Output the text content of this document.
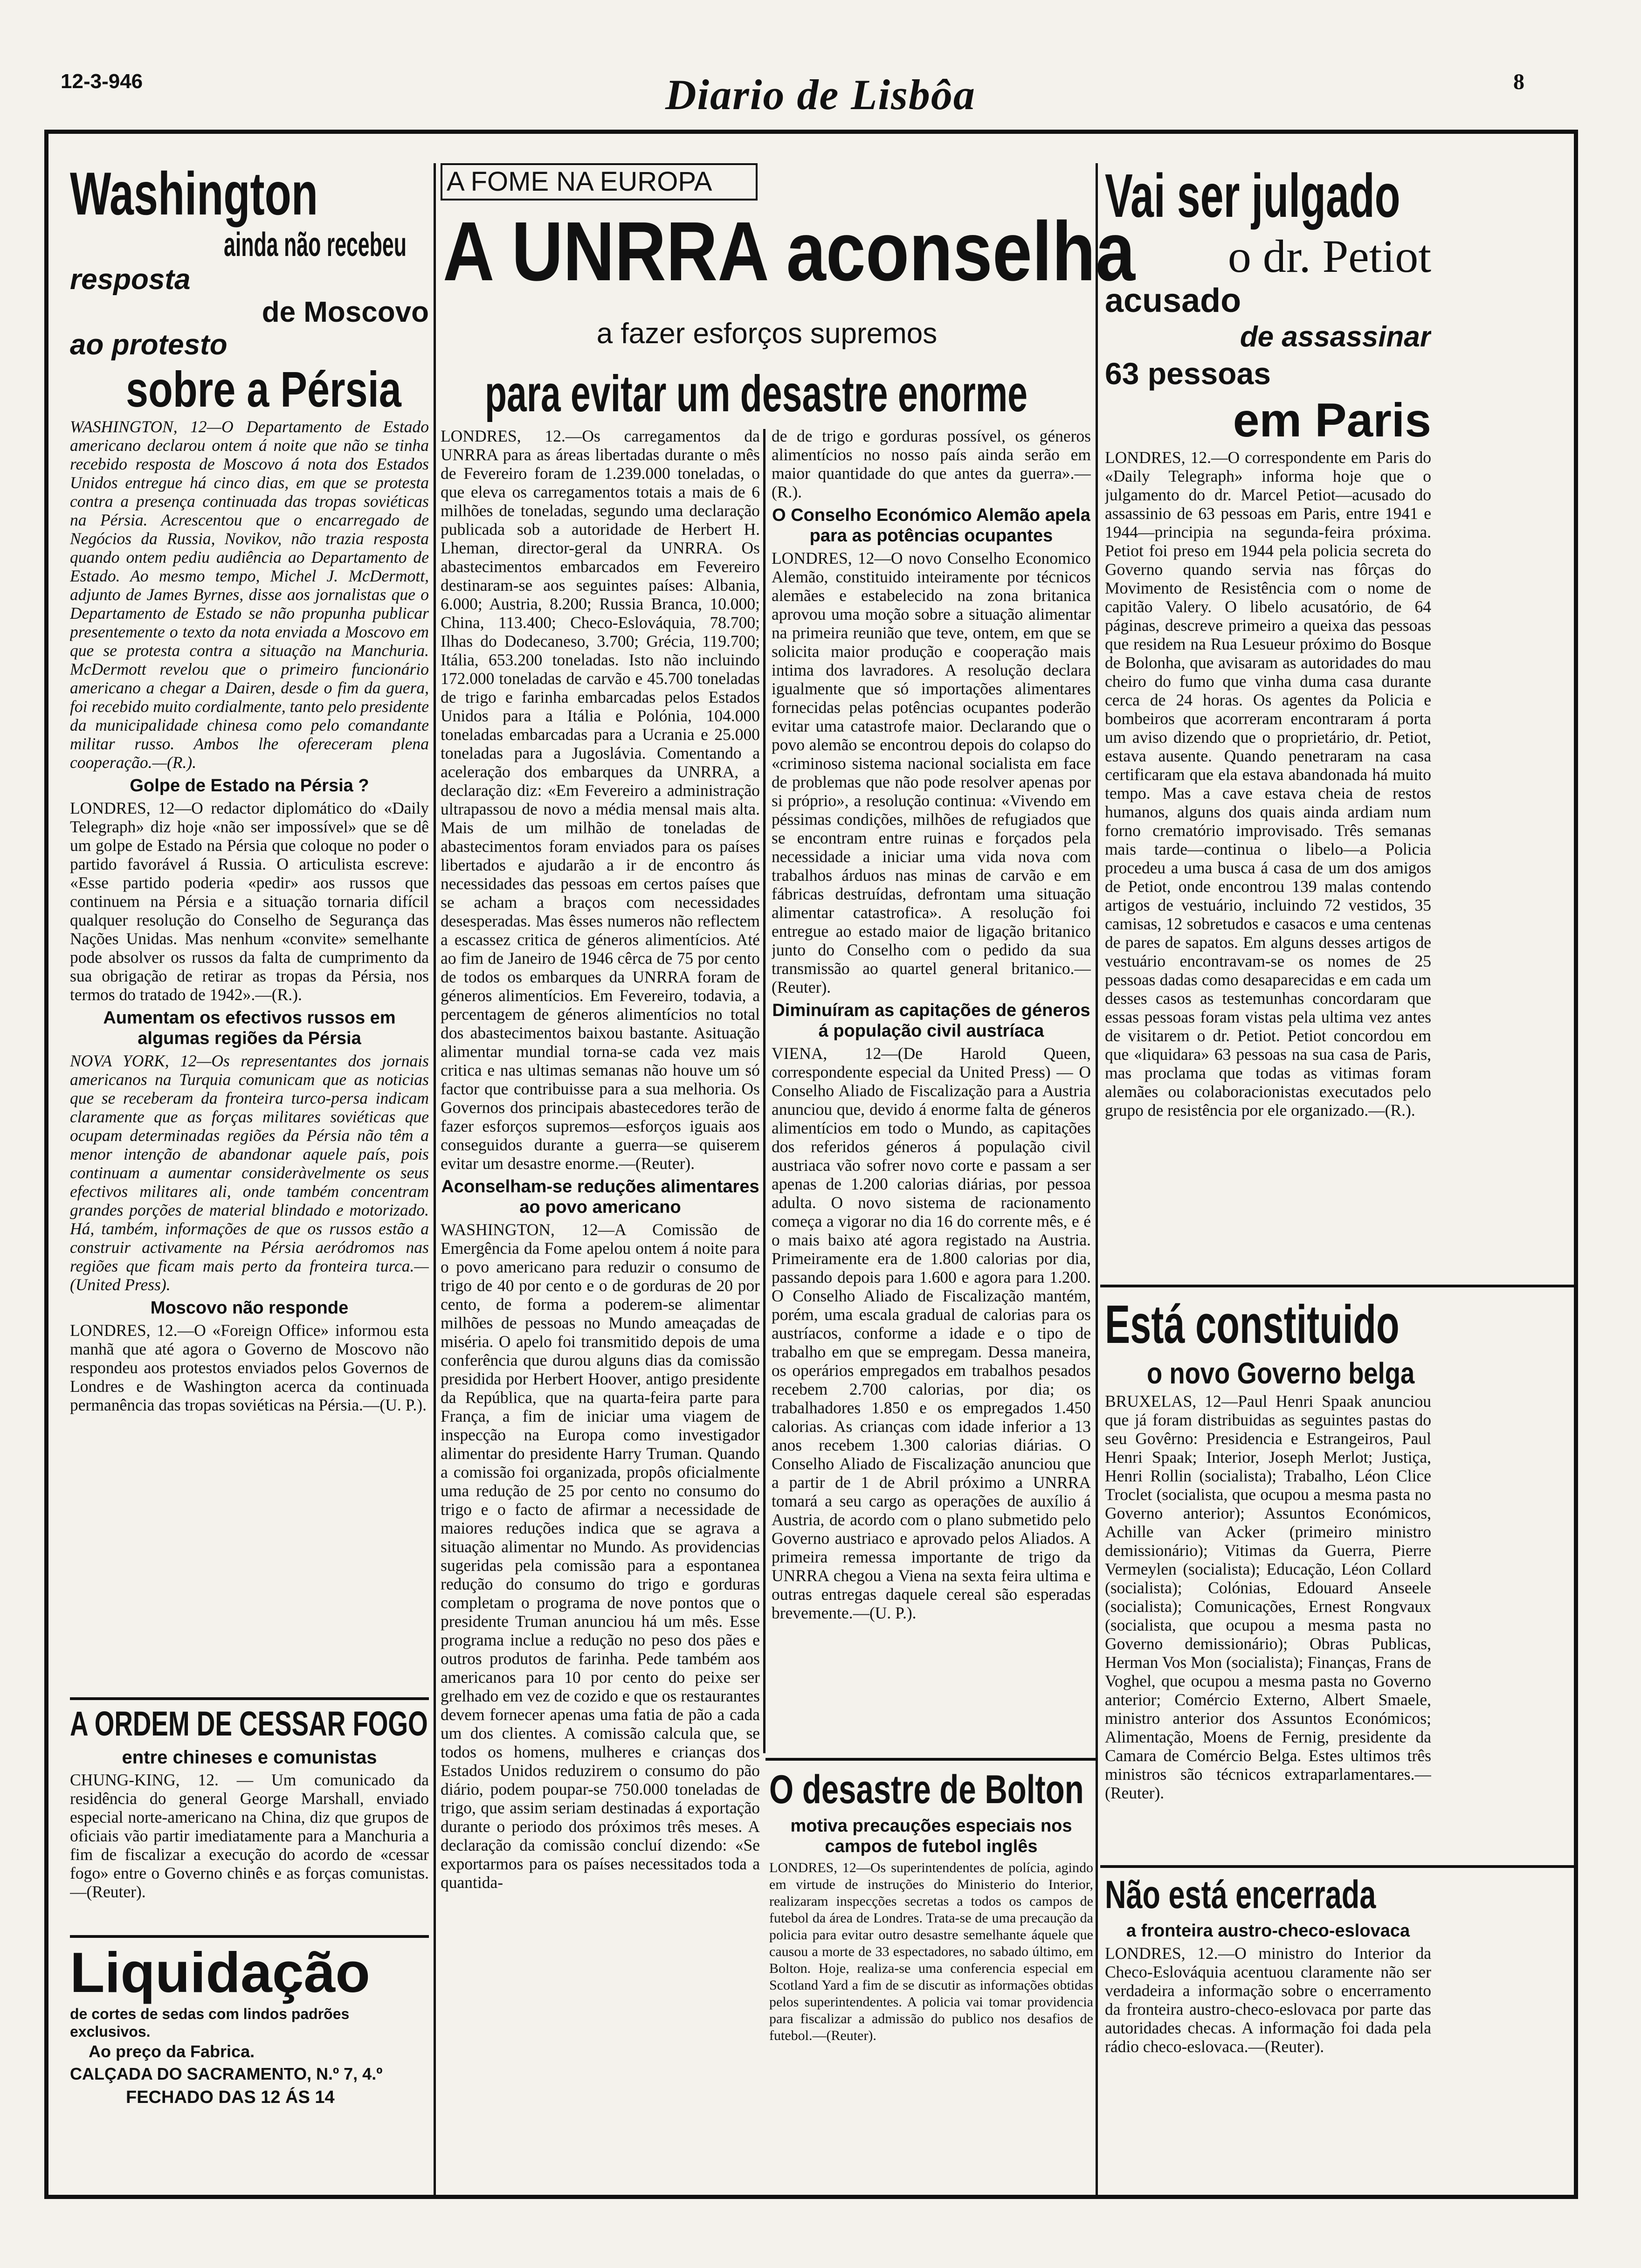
12-3-946	Diario de Lisbôa	8
Washington
ainda não recebeu
resposta
de Moscovo
ao protesto
sobre a Pérsia

WASHINGTON, 12—O Departamento de Estado americano declarou ontem á noite que não se tinha recebido resposta de Moscovo á nota dos Estados Unidos entregue há cinco dias, em que se protesta contra a presença continuada das tropas soviéticas na Pérsia. Acrescentou que o encarregado de Negócios da Russia, Novikov, não trazia resposta quando ontem pediu audiência ao Departamento de Estado. Ao mesmo tempo, Michel J. McDermott, adjunto de James Byrnes, disse aos jornalistas que o Departamento de Estado se não propunha publicar presentemente o texto da nota enviada a Moscovo em que se protesta contra a situação na Manchuria. McDermott revelou que o primeiro funcionário americano a chegar a Dairen, desde o fim da guera, foi recebido muito cordialmente, tanto pelo presidente da municipalidade chinesa como pelo comandante militar russo. Ambos lhe ofereceram plena cooperação.—(R.).

Golpe de Estado na Pérsia ?

LONDRES, 12—O redactor diplomático do «Daily Telegraph» diz hoje «não ser impossível» que se dê um golpe de Estado na Pérsia que coloque no poder o partido favorável á Russia. O articulista escreve: «Esse partido poderia «pedir» aos russos que continuem na Pérsia e a situação tornaria difícil qualquer resolução do Conselho de Segurança das Nações Unidas. Mas nenhum «convite» semelhante pode absolver os russos da falta de cumprimento da sua obrigação de retirar as tropas da Pérsia, nos termos do tratado de 1942».—(R.).

Aumentam os efectivos russos em algumas regiões da Pérsia

NOVA YORK, 12—Os representantes dos jornais americanos na Turquia comunicam que as noticias que se receberam da fronteira turco-persa indicam claramente que as forças militares soviéticas que ocupam determinadas regiões da Pérsia não têm a menor intenção de abandonar aquele país, pois continuam a aumentar consideràvelmente os seus efectivos militares ali, onde também concentram grandes porções de material blindado e motorizado. Há, também, informações de que os russos estão a construir activamente na Pérsia aeródromos nas regiões que ficam mais perto da fronteira turca.—(United Press).

Moscovo não responde

LONDRES, 12.—O «Foreign Office» informou esta manhã que até agora o Governo de Moscovo não respondeu aos protestos enviados pelos Governos de Londres e de Washington acerca da continuada permanência das tropas soviéticas na Pérsia.—(U. P.).

A ORDEM DE CESSAR FOGO
entre chineses e comunistas

CHUNG-KING, 12. — Um comunicado da residência do general George Marshall, enviado especial norte-americano na China, diz que grupos de oficiais vão partir imediatamente para a Manchuria a fim de fiscalizar a execução do acordo de «cessar fogo» entre o Governo chinês e as forças comunistas.—(Reuter).

Liquidação
de cortes de sedas com lindos padrões exclusivos.
Ao preço da Fabrica.
CALÇADA DO SACRAMENTO, N.º 7, 4.º
FECHADO DAS 12 ÁS 14
A FOME NA EUROPA
A UNRRA aconselha
a fazer esforços supremos
para evitar um desastre enorme

LONDRES, 12.—Os carregamentos da UNRRA para as áreas libertadas durante o mês de Fevereiro foram de 1.239.000 toneladas, o que eleva os carregamentos totais a mais de 6 milhões de toneladas, segundo uma declaração publicada sob a autoridade de Herbert H. Lheman, director-geral da UNRRA. Os abastecimentos embarcados em Fevereiro destinaram-se aos seguintes países: Albania, 6.000; Austria, 8.200; Russia Branca, 10.000; China, 113.400; Checo-Eslováquia, 78.700; Ilhas do Dodecaneso, 3.700; Grécia, 119.700; Itália, 653.200 toneladas. Isto não incluindo 172.000 toneladas de carvão e 45.700 toneladas de trigo e farinha embarcadas pelos Estados Unidos para a Itália e Polónia, 104.000 toneladas embarcadas para a Ucrania e 25.000 toneladas para a Jugoslávia. Comentando a aceleração dos embarques da UNRRA, a declaração diz: «Em Fevereiro a administração ultrapassou de novo a média mensal mais alta. Mais de um milhão de toneladas de abastecimentos foram enviados para os países libertados e ajudarão a ir de encontro ás necessidades das pessoas em certos países que se acham a braços com necessidades desesperadas. Mas êsses numeros não reflectem a escassez critica de géneros alimentícios. Até ao fim de Janeiro de 1946 cêrca de 75 por cento de todos os embarques da UNRRA foram de géneros alimentícios. Em Fevereiro, todavia, a percentagem de géneros alimentícios no total dos abastecimentos baixou bastante. Asituação alimentar mundial torna-se cada vez mais critica e nas ultimas semanas não houve um só factor que contribuisse para a sua melhoria. Os Governos dos principais abastecedores terão de fazer esforços supremos—esforços iguais aos conseguidos durante a guerra—se quiserem evitar um desastre enorme.—(Reuter).

Aconselham-se reduções alimentares ao povo americano

WASHINGTON, 12—A Comissão de Emergência da Fome apelou ontem á noite para o povo americano para reduzir o consumo de trigo de 40 por cento e o de gorduras de 20 por cento, de forma a poderem-se alimentar milhões de pessoas no Mundo ameaçadas de miséria. O apelo foi transmitido depois de uma conferência que durou alguns dias da comissão presidida por Herbert Hoover, antigo presidente da República, que na quarta-feira parte para França, a fim de iniciar uma viagem de inspecção na Europa como investigador alimentar do presidente Harry Truman. Quando a comissão foi organizada, propôs oficialmente uma redução de 25 por cento no consumo do trigo e o facto de afirmar a necessidade de maiores reduções indica que se agrava a situação alimentar no Mundo. As providencias sugeridas pela comissão para a espontanea redução do consumo do trigo e gorduras completam o programa de nove pontos que o presidente Truman anunciou há um mês. Esse programa inclue a redução no peso dos pães e outros produtos de farinha. Pede também aos americanos para 10 por cento do peixe ser grelhado em vez de cozido e que os restaurantes devem fornecer apenas uma fatia de pão a cada um dos clientes. A comissão calcula que, se todos os homens, mulheres e crianças dos Estados Unidos reduzirem o consumo do pão diário, podem poupar-se 750.000 toneladas de trigo, que assim seriam destinadas á exportação durante o periodo dos próximos três meses. A declaração da comissão concluí dizendo: «Se exportarmos para os países necessitados toda a quantida-

de de trigo e gorduras possível, os géneros alimentícios no nosso país ainda serão em maior quantidade do que antes da guerra».—(R.).

O Conselho Económico Alemão apela para as potências ocupantes

LONDRES, 12—O novo Conselho Economico Alemão, constituido inteiramente por técnicos alemães e estabelecido na zona britanica aprovou uma moção sobre a situação alimentar na primeira reunião que teve, ontem, em que se solicita maior produção e cooperação mais intima dos lavradores. A resolução declara igualmente que só importações alimentares fornecidas pelas potências ocupantes poderão evitar uma catastrofe maior. Declarando que o povo alemão se encontrou depois do colapso do «criminoso sistema nacional socialista em face de problemas que não pode resolver apenas por si próprio», a resolução continua: «Vivendo em péssimas condições, milhões de refugiados que se encontram entre ruinas e forçados pela necessidade a iniciar uma vida nova com trabalhos árduos nas minas de carvão e em fábricas destruídas, defrontam uma situação alimentar catastrofica». A resolução foi entregue ao estado maior de ligação britanico junto do Conselho com o pedido da sua transmissão ao quartel general britanico.—(Reuter).

Diminuíram as capitações de géneros á população civil austríaca

VIENA, 12—(De Harold Queen, correspondente especial da United Press) — O Conselho Aliado de Fiscalização para a Austria anunciou que, devido á enorme falta de géneros alimentícios em todo o Mundo, as capitações dos referidos géneros á população civil austriaca vão sofrer novo corte e passam a ser apenas de 1.200 calorias diárias, por pessoa adulta. O novo sistema de racionamento começa a vigorar no dia 16 do corrente mês, e é o mais baixo até agora registado na Austria. Primeiramente era de 1.800 calorias por dia, passando depois para 1.600 e agora para 1.200. O Conselho Aliado de Fiscalização mantém, porém, uma escala gradual de calorias para os austríacos, conforme a idade e o tipo de trabalho em que se empregam. Dessa maneira, os operários empregados em trabalhos pesados recebem 2.700 calorias, por dia; os trabalhadores 1.850 e os empregados 1.450 calorias. As crianças com idade inferior a 13 anos recebem 1.300 calorias diárias. O Conselho Aliado de Fiscalização anunciou que a partir de 1 de Abril próximo a UNRRA tomará a seu cargo as operações de auxílio á Austria, de acordo com o plano submetido pelo Governo austriaco e aprovado pelos Aliados. A primeira remessa importante de trigo da UNRRA chegou a Viena na sexta feira ultima e outras entregas daquele cereal são esperadas brevemente.—(U. P.).

O desastre de Bolton
motiva precauções especiais nos campos de futebol inglês

LONDRES, 12—Os superintendentes de polícia, agindo em virtude de instruções do Ministerio do Interior, realizaram inspecções secretas a todos os campos de futebol da área de Londres. Trata-se de uma precaução da policia para evitar outro desastre semelhante áquele que causou a morte de 33 espectadores, no sabado último, em Bolton. Hoje, realiza-se uma conferencia especial em Scotland Yard a fim de se discutir as informações obtidas pelos superintendentes. A policia vai tomar providencia para fiscalizar a admissão do publico nos desafios de futebol.—(Reuter).

Vai ser julgado
o dr. Petiot
acusado
de assassinar
63 pessoas
em Paris

LONDRES, 12.—O correspondente em Paris do «Daily Telegraph» informa hoje que o julgamento do dr. Marcel Petiot—acusado do assassinio de 63 pessoas em Paris, entre 1941 e 1944—principia na segunda-feira próxima. Petiot foi preso em 1944 pela policia secreta do Governo quando servia nas fôrças do Movimento de Resistência com o nome de capitão Valery. O libelo acusatório, de 64 páginas, descreve primeiro a queixa das pessoas que residem na Rua Lesueur próximo do Bosque de Bolonha, que avisaram as autoridades do mau cheiro do fumo que vinha duma casa durante cerca de 24 horas. Os agentes da Policia e bombeiros que acorreram encontraram á porta um aviso dizendo que o proprietário, dr. Petiot, estava ausente. Quando penetraram na casa certificaram que ela estava abandonada há muito tempo. Mas a cave estava cheia de restos humanos, alguns dos quais ainda ardiam num forno crematório improvisado. Três semanas mais tarde—continua o libelo—a Policia procedeu a uma busca á casa de um dos amigos de Petiot, onde encontrou 139 malas contendo artigos de vestuário, incluindo 72 vestidos, 35 camisas, 12 sobretudos e casacos e uma centenas de pares de sapatos. Em alguns desses artigos de vestuário encontravam-se os nomes de 25 pessoas dadas como desaparecidas e em cada um desses casos as testemunhas concordaram que essas pessoas foram vistas pela ultima vez antes de visitarem o dr. Petiot. Petiot concordou em que «liquidara» 63 pessoas na sua casa de Paris, mas proclama que todas as vitimas foram alemães ou colaboracionistas executados pelo grupo de resistência por ele organizado.—(R.).

Está constituido
o novo Governo belga

BRUXELAS, 12—Paul Henri Spaak anunciou que já foram distribuidas as seguintes pastas do seu Govêrno: Presidencia e Estrangeiros, Paul Henri Spaak; Interior, Joseph Merlot; Justiça, Henri Rollin (socialista); Trabalho, Léon Clice Troclet (socialista, que ocupou a mesma pasta no Governo anterior); Assuntos Económicos, Achille van Acker (primeiro ministro demissionário); Vitimas da Guerra, Pierre Vermeylen (socialista); Educação, Léon Collard (socialista); Colónias, Edouard Anseele (socialista); Comunicações, Ernest Rongvaux (socialista, que ocupou a mesma pasta no Governo demissionário); Obras Publicas, Herman Vos Mon (socialista); Finanças, Frans de Voghel, que ocupou a mesma pasta no Governo anterior; Comércio Externo, Albert Smaele, ministro anterior dos Assuntos Económicos; Alimentação, Moens de Fernig, presidente da Camara de Comércio Belga. Estes ultimos três ministros são técnicos extraparlamentares.—(Reuter).

Não está encerrada
a fronteira austro-checo-eslovaca

LONDRES, 12.—O ministro do Interior da Checo-Eslováquia acentuou claramente não ser verdadeira a informação sobre o encerramento da fronteira austro-checo-eslovaca por parte das autoridades checas. A informação foi dada pela rádio checo-eslovaca.—(Reuter).
